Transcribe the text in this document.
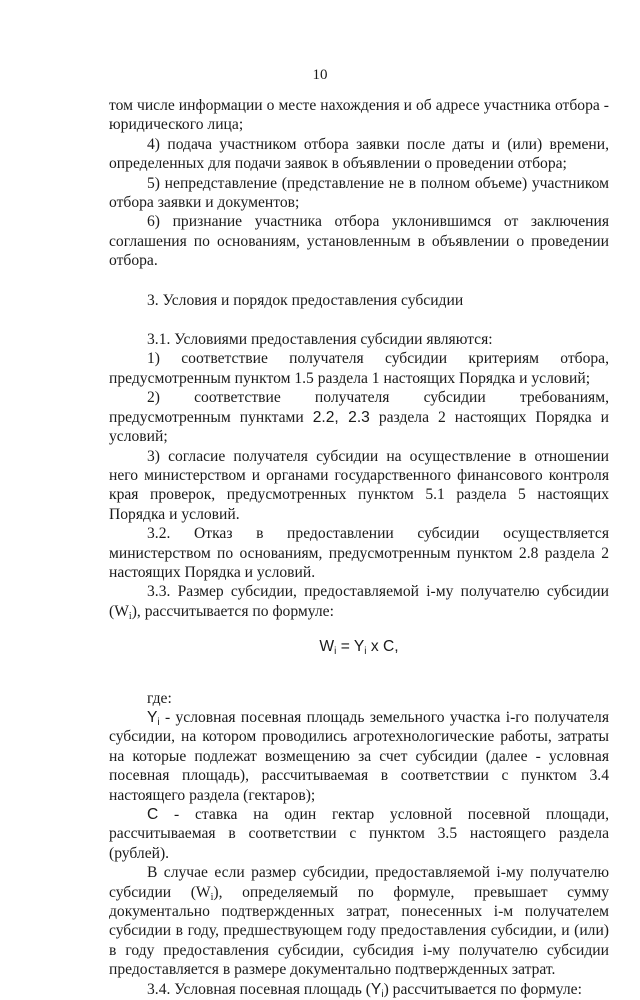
10

том числе информации о месте нахождения и об адресе участника отбора - юридического лица;

4) подача участником отбора заявки после даты и (или) времени, определенных для подачи заявок в объявлении о проведении отбора;

5) непредставление (представление не в полном объеме) участником отбора заявки и документов;

6) признание участника отбора уклонившимся от заключения соглашения по основаниям, установленным в объявлении о проведении отбора.

3. Условия и порядок предоставления субсидии

3.1. Условиями предоставления субсидии являются:

1) соответствие получателя субсидии критериям отбора, предусмотренным пунктом 1.5 раздела 1 настоящих Порядка и условий;

2) соответствие получателя субсидии требованиям, предусмотренным пунктами 2.2, 2.3 раздела 2 настоящих Порядка и условий;

3) согласие получателя субсидии на осуществление в отношении него министерством и органами государственного финансового контроля края проверок, предусмотренных пунктом 5.1 раздела 5 настоящих Порядка и условий.

3.2. Отказ в предоставлении субсидии осуществляется министерством по основаниям, предусмотренным пунктом 2.8 раздела 2 настоящих Порядка и условий.

3.3. Размер субсидии, предоставляемой i-му получателю субсидии $(W_i)$, рассчитывается по формуле:

$W_i = Y_i$ x C,

где:

$Y_i$ - условная посевная площадь земельного участка i-го получателя субсидии, на котором проводились агротехнологические работы, затраты на которые подлежат возмещению за счет субсидии (далее - условная посевная площадь), рассчитываемая в соответствии с пунктом 3.4 настоящего раздела (гектаров);

С - ставка на один гектар условной посевной площади, рассчитываемая в соответствии с пунктом 3.5 настоящего раздела (рублей).

В случае если размер субсидии, предоставляемой i-му получателю субсидии $(W_i)$, определяемый по формуле, превышает сумму документально подтвержденных затрат, понесенных i-м получателем субсидии в году, предшествующем году предоставления субсидии, и (или) в году предоставления субсидии, субсидия i-му получателю субсидии предоставляется в размере документально подтвержденных затрат.

3.4. Условная посевная площадь $(Y_i)$ рассчитывается по формуле:
